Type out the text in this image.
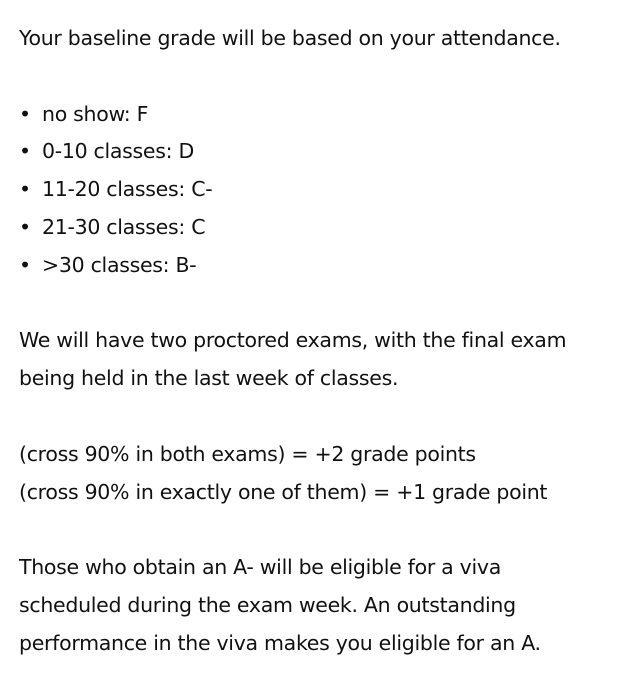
Your baseline grade will be based on your attendance.

• no show: F
• 0-10 classes: D
• 11-20 classes: C-
• 21-30 classes: C
• >30 classes: B-

We will have two proctored exams, with the final exam
being held in the last week of classes.

(cross 90% in both exams) = +2 grade points
(cross 90% in exactly one of them) = +1 grade point

Those who obtain an A- will be eligible for a viva
scheduled during the exam week. An outstanding
performance in the viva makes you eligible for an A.
